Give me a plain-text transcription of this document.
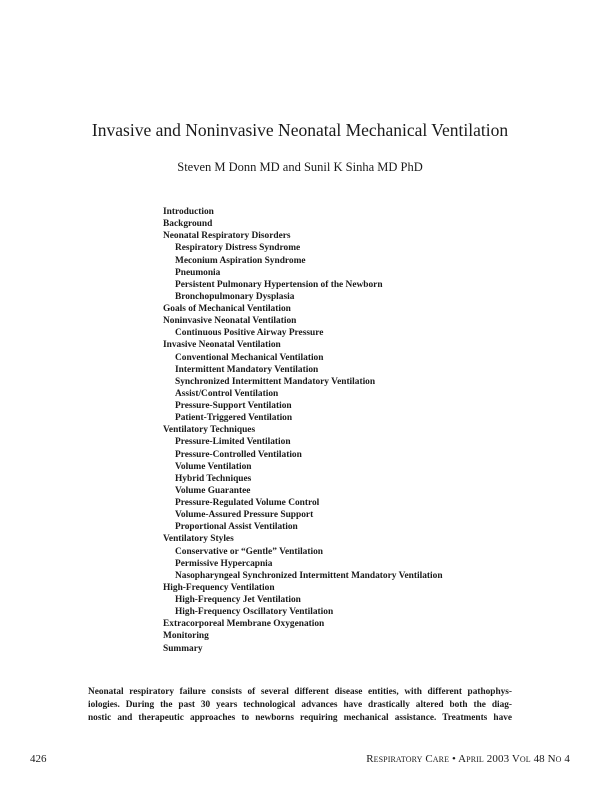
Invasive and Noninvasive Neonatal Mechanical Ventilation

Steven M Donn MD and Sunil K Sinha MD PhD

Introduction
Background
Neonatal Respiratory Disorders
Respiratory Distress Syndrome
Meconium Aspiration Syndrome
Pneumonia
Persistent Pulmonary Hypertension of the Newborn
Bronchopulmonary Dysplasia
Goals of Mechanical Ventilation
Noninvasive Neonatal Ventilation
Continuous Positive Airway Pressure
Invasive Neonatal Ventilation
Conventional Mechanical Ventilation
Intermittent Mandatory Ventilation
Synchronized Intermittent Mandatory Ventilation
Assist/Control Ventilation
Pressure-Support Ventilation
Patient-Triggered Ventilation
Ventilatory Techniques
Pressure-Limited Ventilation
Pressure-Controlled Ventilation
Volume Ventilation
Hybrid Techniques
Volume Guarantee
Pressure-Regulated Volume Control
Volume-Assured Pressure Support
Proportional Assist Ventilation
Ventilatory Styles
Conservative or “Gentle” Ventilation
Permissive Hypercapnia
Nasopharyngeal Synchronized Intermittent Mandatory Ventilation
High-Frequency Ventilation
High-Frequency Jet Ventilation
High-Frequency Oscillatory Ventilation
Extracorporeal Membrane Oxygenation
Monitoring
Summary

Neonatal respiratory failure consists of several different disease entities, with different pathophys-
iologies. During the past 30 years technological advances have drastically altered both the diag-
nostic and therapeutic approaches to newborns requiring mechanical assistance. Treatments have

426	Respiratory Care • April 2003 Vol 48 No 4
